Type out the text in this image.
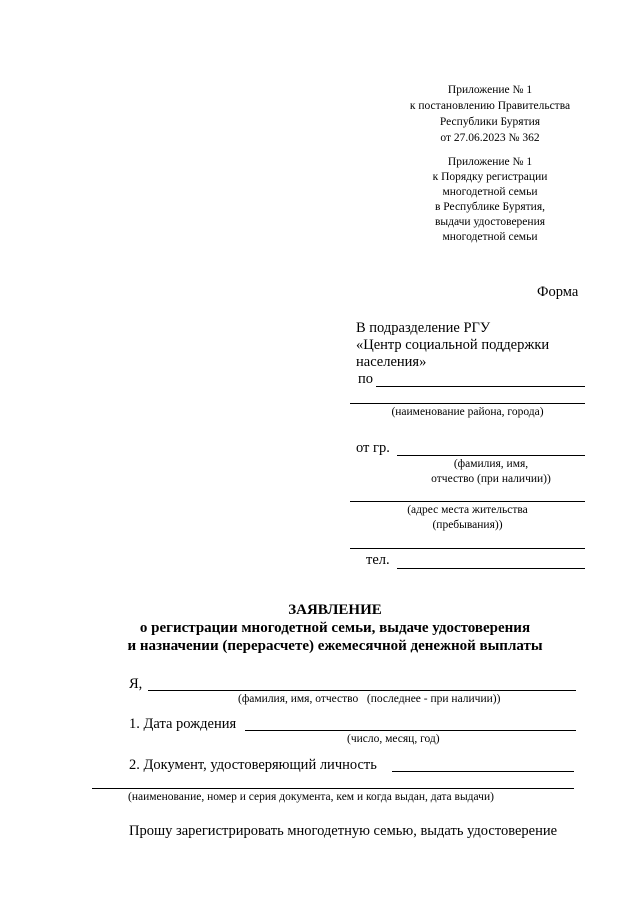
Приложение № 1

к постановлению Правительства

Республики Бурятия

от 27.06.2023 № 362

Приложение № 1

к Порядку регистрации

многодетной семьи

в Республике Бурятия,

выдачи удостоверения

многодетной семьи

Форма
В подразделение РГУ
«Центр социальной поддержки
населения»
по
(наименование района, города)
от гр.
(фамилия, имя,
отчество (при наличии))
(адрес места жительства
(пребывания))
тел.
ЗАЯВЛЕНИЕ
о регистрации многодетной семьи, выдаче удостоверения
и назначении (перерасчете) ежемесячной денежной выплаты
Я,
(фамилия, имя, отчество   (последнее - при наличии))
1. Дата рождения
(число, месяц, год)
2. Документ, удостоверяющий личность
(наименование, номер и серия документа, кем и когда выдан, дата выдачи)
Прошу зарегистрировать многодетную семью, выдать удостоверение
